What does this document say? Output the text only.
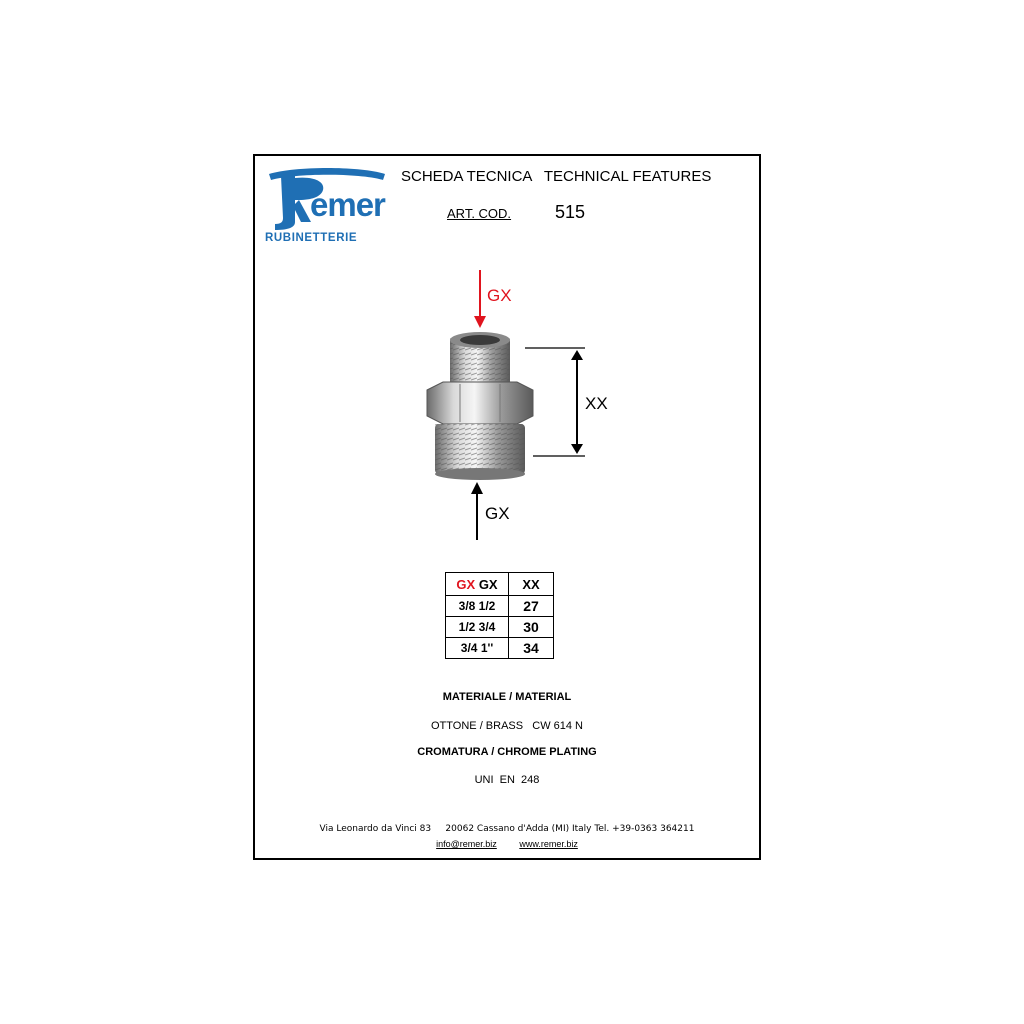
emer
RUBINETTERIE
SCHEDA TECNICA   TECHNICAL FEATURES
ART. COD. 515
GX
XX
GX
GX GX	XX
3/8 1/2	27
1/2 3/4	30
3/4 1''	34
MATERIALE / MATERIAL
OTTONE / BRASS   CW 614 N
CROMATURA / CHROME PLATING
UNI  EN  248
Via Leonardo da Vinci 83     20062 Cassano d'Adda (MI) Italy Tel. +39-0363 364211
info@remer.biz	www.remer.biz
